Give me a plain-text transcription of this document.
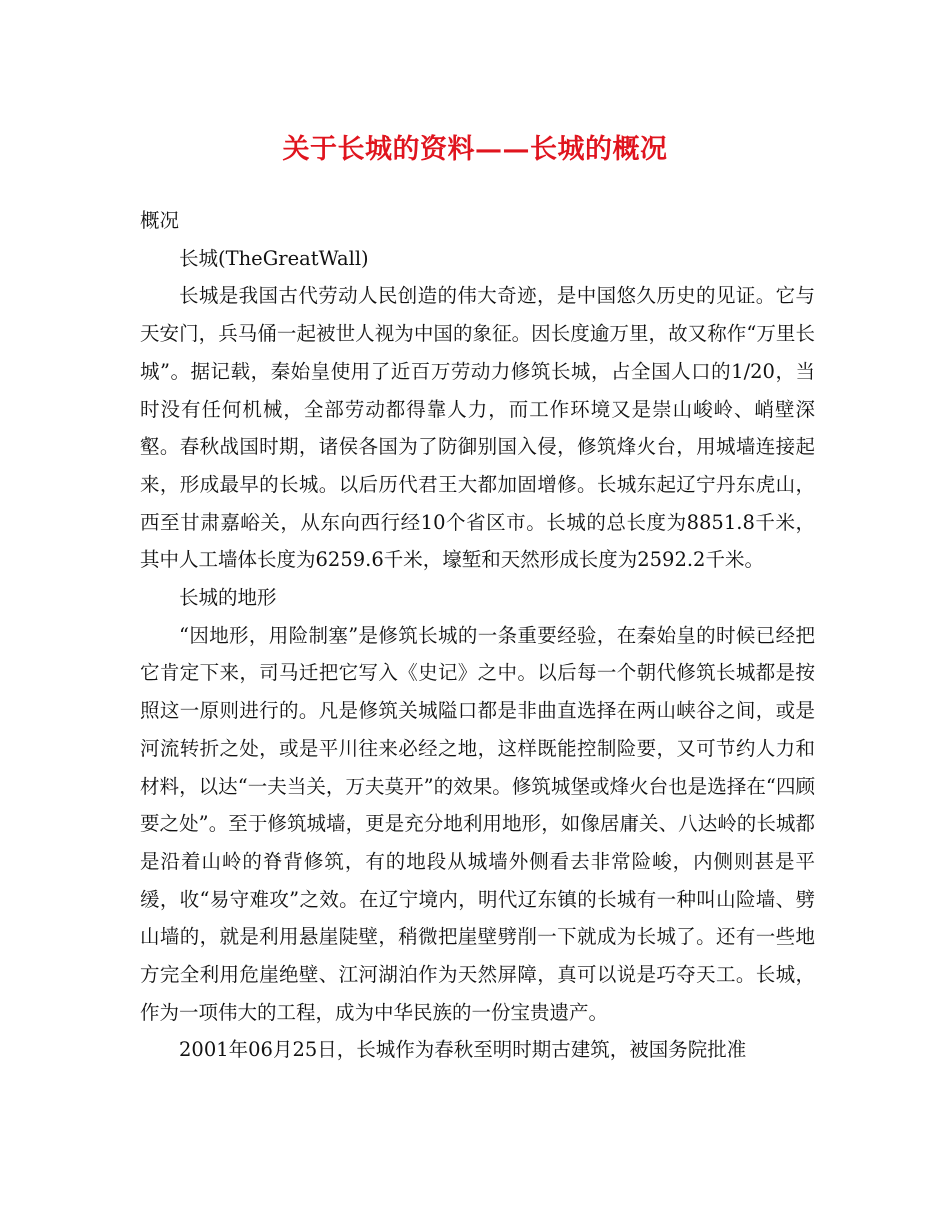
关于长城的资料——长城的概况

概况

长城(TheGreatWall)

长城是我国古代劳动人民创造的伟大奇迹，是中国悠久历史的见证。它与天安门，兵马俑一起被世人视为中国的象征。因长度逾万里，故又称作“万里长城”。据记载，秦始皇使用了近百万劳动力修筑长城，占全国人口的1/20，当时没有任何机械，全部劳动都得靠人力，而工作环境又是崇山峻岭、峭壁深壑。春秋战国时期，诸侯各国为了防御别国入侵，修筑烽火台，用城墙连接起来，形成最早的长城。以后历代君王大都加固增修。长城东起辽宁丹东虎山，西至甘肃嘉峪关，从东向西行经10个省区市。长城的总长度为8851.8千米，其中人工墙体长度为6259.6千米，壕堑和天然形成长度为2592.2千米。

长城的地形

“因地形，用险制塞”是修筑长城的一条重要经验，在秦始皇的时候已经把它肯定下来，司马迁把它写入《史记》之中。以后每一个朝代修筑长城都是按照这一原则进行的。凡是修筑关城隘口都是非曲直选择在两山峡谷之间，或是河流转折之处，或是平川往来必经之地，这样既能控制险要，又可节约人力和材料，以达“一夫当关，万夫莫开”的效果。修筑城堡或烽火台也是选择在“四顾要之处”。至于修筑城墙，更是充分地利用地形，如像居庸关、八达岭的长城都是沿着山岭的脊背修筑，有的地段从城墙外侧看去非常险峻，内侧则甚是平缓，收“易守难攻”之效。在辽宁境内，明代辽东镇的长城有一种叫山险墙、劈山墙的，就是利用悬崖陡壁，稍微把崖壁劈削一下就成为长城了。还有一些地方完全利用危崖绝壁、江河湖泊作为天然屏障，真可以说是巧夺天工。长城，作为一项伟大的工程，成为中华民族的一份宝贵遗产。

2001年06月25日，长城作为春秋至明时期古建筑，被国务院批准
